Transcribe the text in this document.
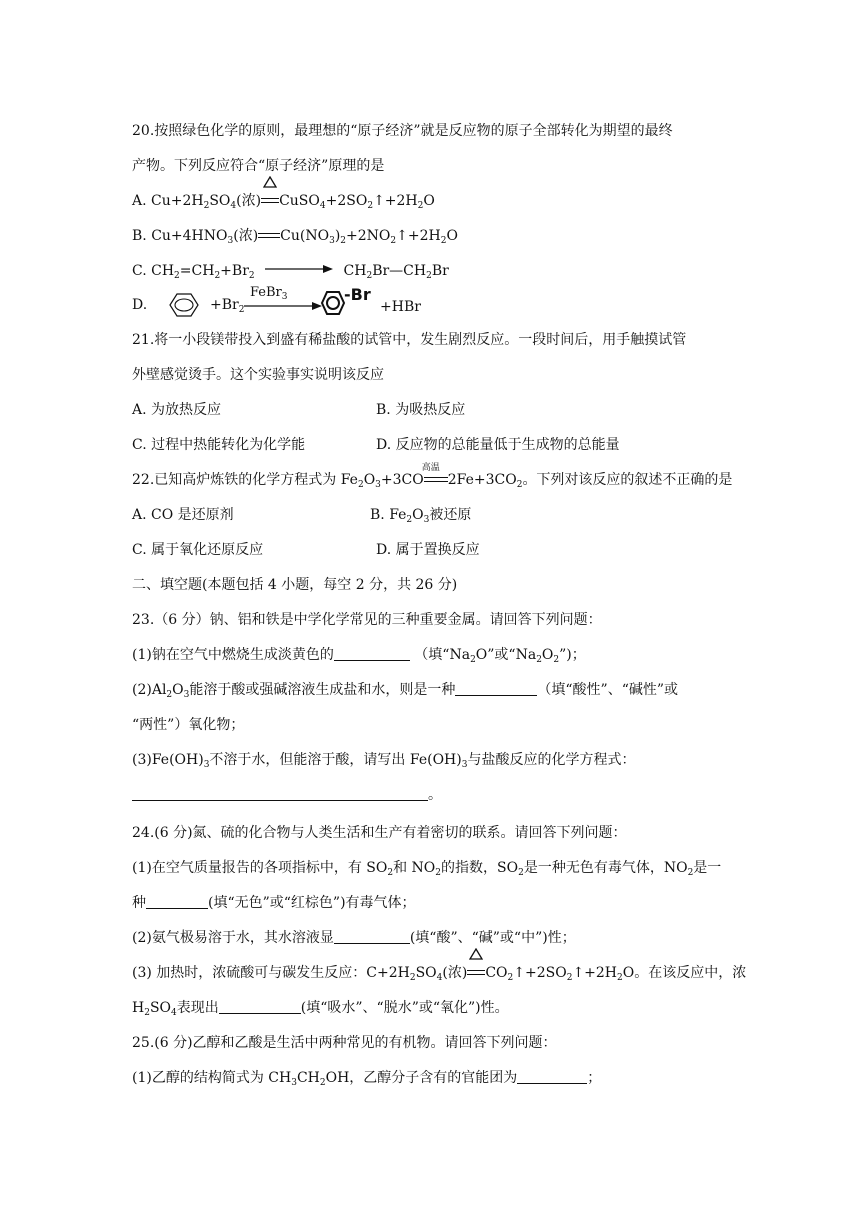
20.按照绿色化学的原则，最理想的“原子经济”就是反应物的原子全部转化为期望的最终
产物。下列反应符合“原子经济”原理的是
A. $Cu+2H_2SO_4$(浓) $CuSO_4+2SO_2↑+2H_2O$
B. $Cu+4HNO_3$(浓) $Cu(NO_3)_2+2NO_2↑+2H_2O$
C. $CH_2=CH_2+Br_2$	$CH_2Br—CH_2Br$
D.	$+Br_2$
FeBr$_3$	-Br
+HBr
21.将一小段镁带投入到盛有稀盐酸的试管中，发生剧烈反应。一段时间后，用手触摸试管
外壁感觉烫手。这个实验事实说明该反应
A. 为放热反应	B. 为吸热反应
C. 过程中热能转化为化学能	D. 反应物的总能量低于生成物的总能量
22.已知高炉炼铁的化学方程式为 $Fe_2O_3+3CO$
高温
$2Fe+3CO_2$。下列对该反应的叙述不正确的是
A. CO 是还原剂	B. $Fe_2O_3$被还原
C. 属于氧化还原反应	D. 属于置换反应
二、填空题(本题包括 4 小题，每空 2 分，共 26 分)
23.（6 分）钠、铝和铁是中学化学常见的三种重要金属。请回答下列问题：
(1)钠在空气中燃烧生成淡黄色的	（填“$Na_2O$”或“$Na_2O_2$”)；
$(2)Al_2O_3$能溶于酸或强碱溶液生成盐和水，则是一种	（填“酸性”、“碱性”或
“两性”）氧化物；
$(3)Fe(OH)_3$不溶于水，但能溶于酸，请写出 $Fe(OH)_3$与盐酸反应的化学方程式：
。
24.(6 分)氮、硫的化合物与人类生活和生产有着密切的联系。请回答下列问题：
(1)在空气质量报告的各项指标中，有 $SO_2$和 $NO_2$的指数，$SO_2$是一种无色有毒气体，$NO_2$是一
种	(填“无色”或“红棕色”)有毒气体；
(2)氨气极易溶于水，其水溶液显	(填“酸”、“碱”或“中”)性；
(3) 加热时，浓硫酸可与碳发生反应：$C+2H_2SO_4$(浓) $CO_2↑+2SO_2↑+2H_2O$。在该反应中，浓
$H_2SO_4$表现出	(填“吸水”、“脱水”或“氧化”)性。
25.(6 分)乙醇和乙酸是生活中两种常见的有机物。请回答下列问题：
(1)乙醇的结构简式为 $CH_3CH_2OH$，乙醇分子含有的官能团为	；
